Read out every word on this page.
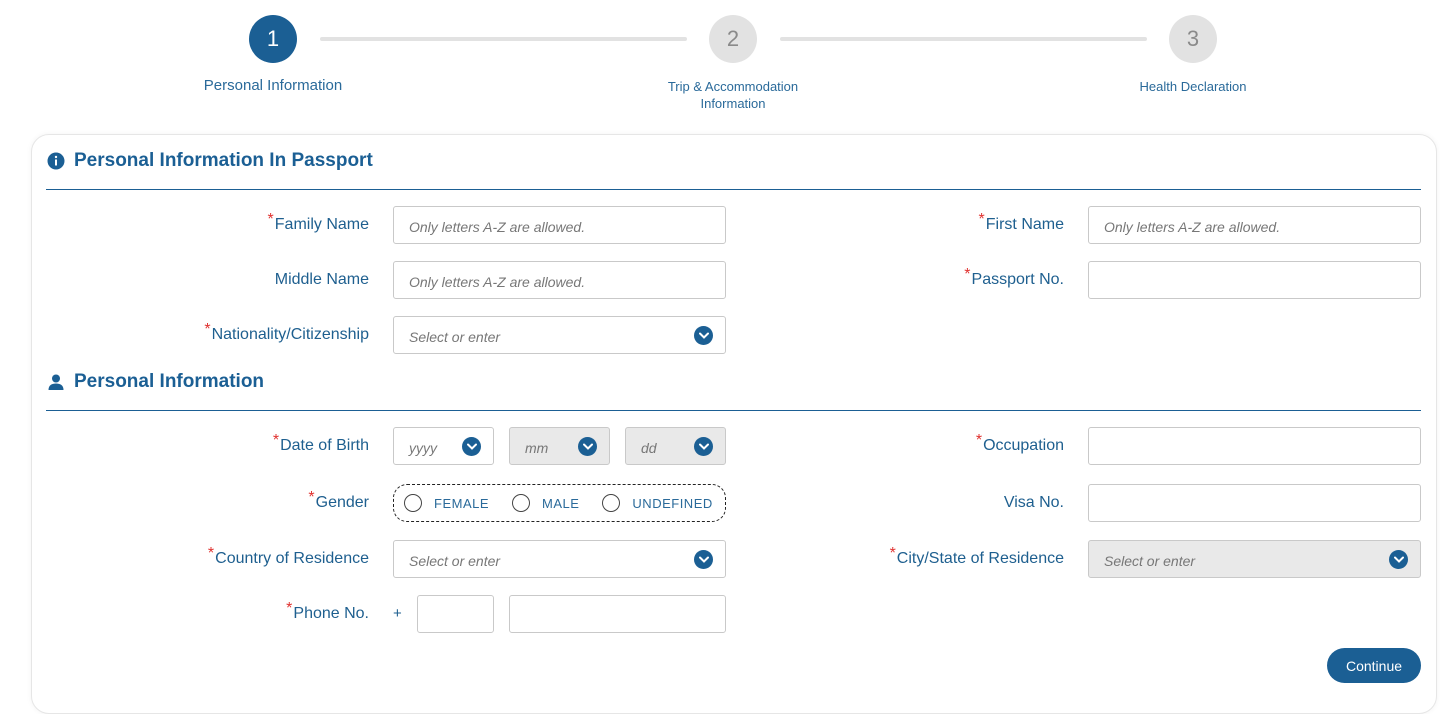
1	2	3
Personal Information	Trip & Accommodation
Information
Health Declaration
Personal Information In Passport
*Family Name	Only letters A-Z are allowed.	*First Name	Only letters A-Z are allowed.
Middle Name	Only letters A-Z are allowed.	*Passport No.
*Nationality/Citizenship	Select or enter
Personal Information
*Date of Birth	yyyy	mm	dd	*Occupation
*Gender	FEMALE	MALE	UNDEFINED	Visa No.
*Country of Residence	Select or enter	*City/State of Residence	Select or enter
*Phone No. +
Continue
